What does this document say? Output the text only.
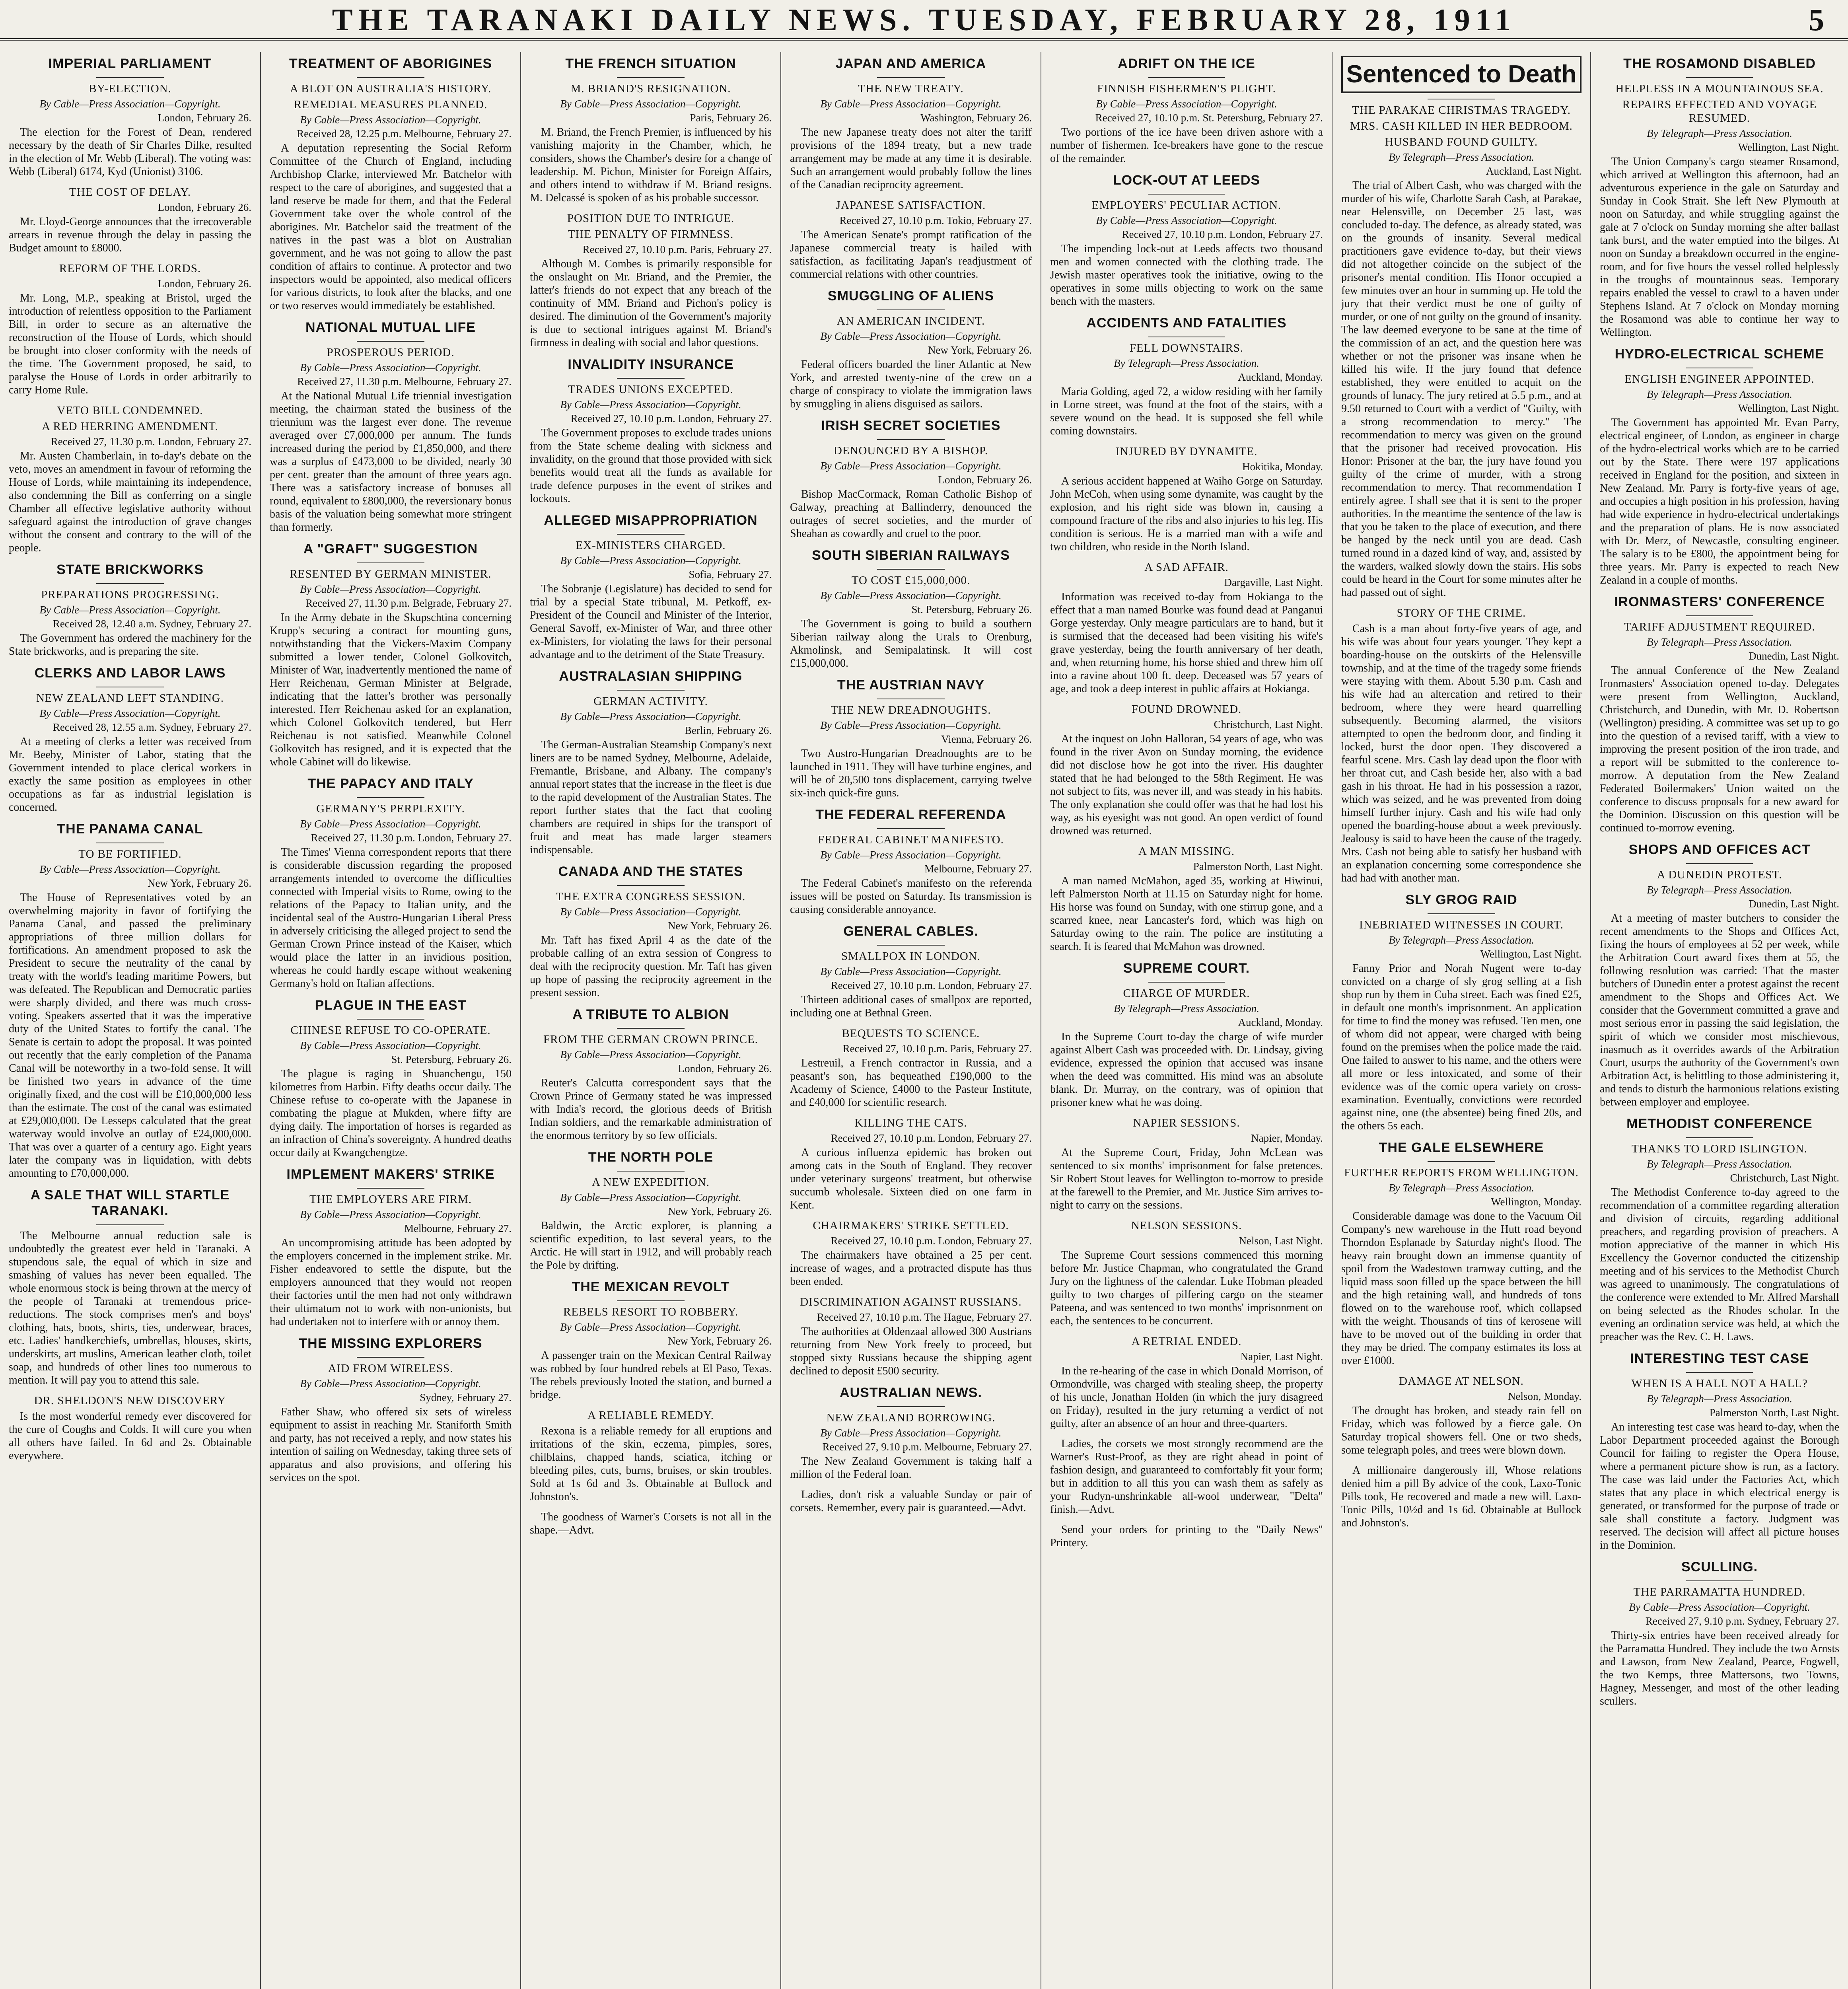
THE TARANAKI DAILY NEWS. TUESDAY, FEBRUARY 28, 1911	5
IMPERIAL PARLIAMENT
BY-ELECTION.
By Cable—Press Association—Copyright.
London, February 26.
The election for the Forest of Dean, rendered necessary by the death of Sir Charles Dilke, resulted in the election of Mr. Webb (Liberal). The voting was: Webb (Liberal) 6174, Kyd (Unionist) 3106.
THE COST OF DELAY.
London, February 26.
Mr. Lloyd-George announces that the irrecoverable arrears in revenue through the delay in passing the Budget amount to £8000.
REFORM OF THE LORDS.
London, February 26.
Mr. Long, M.P., speaking at Bristol, urged the introduction of relentless opposition to the Parliament Bill, in order to secure as an alternative the reconstruction of the House of Lords, which should be brought into closer conformity with the needs of the time. The Government proposed, he said, to paralyse the House of Lords in order arbitrarily to carry Home Rule.
VETO BILL CONDEMNED.
A RED HERRING AMENDMENT.
Received 27, 11.30 p.m. London, February 27.
Mr. Austen Chamberlain, in to-day's debate on the veto, moves an amendment in favour of reforming the House of Lords, while maintaining its independence, also condemning the Bill as conferring on a single Chamber all effective legislative authority without safeguard against the introduction of grave changes without the consent and contrary to the will of the people.
STATE BRICKWORKS
PREPARATIONS PROGRESSING.
By Cable—Press Association—Copyright.
Received 28, 12.40 a.m. Sydney, February 27.
The Government has ordered the machinery for the State brickworks, and is preparing the site.
CLERKS AND LABOR LAWS
NEW ZEALAND LEFT STANDING.
By Cable—Press Association—Copyright.
Received 28, 12.55 a.m. Sydney, February 27.
At a meeting of clerks a letter was received from Mr. Beeby, Minister of Labor, stating that the Government intended to place clerical workers in exactly the same position as employees in other occupations as far as industrial legislation is concerned.
THE PANAMA CANAL
TO BE FORTIFIED.
By Cable—Press Association—Copyright.
New York, February 26.
The House of Representatives voted by an overwhelming majority in favor of fortifying the Panama Canal, and passed the preliminary appropriations of three million dollars for fortifications. An amendment proposed to ask the President to secure the neutrality of the canal by treaty with the world's leading maritime Powers, but was defeated. The Republican and Democratic parties were sharply divided, and there was much cross-voting. Speakers asserted that it was the imperative duty of the United States to fortify the canal. The Senate is certain to adopt the proposal. It was pointed out recently that the early completion of the Panama Canal will be noteworthy in a two-fold sense. It will be finished two years in advance of the time originally fixed, and the cost will be £10,000,000 less than the estimate. The cost of the canal was estimated at £29,000,000. De Lesseps calculated that the great waterway would involve an outlay of £24,000,000. That was over a quarter of a century ago. Eight years later the company was in liquidation, with debts amounting to £70,000,000.
A SALE THAT WILL STARTLE TARANAKI.
The Melbourne annual reduction sale is undoubtedly the greatest ever held in Taranaki. A stupendous sale, the equal of which in size and smashing of values has never been equalled. The whole enormous stock is being thrown at the mercy of the people of Taranaki at tremendous price-reductions. The stock comprises men's and boys' clothing, hats, boots, shirts, ties, underwear, braces, etc. Ladies' handkerchiefs, umbrellas, blouses, skirts, underskirts, art muslins, American leather cloth, toilet soap, and hundreds of other lines too numerous to mention. It will pay you to attend this sale.
DR. SHELDON'S NEW DISCOVERY
Is the most wonderful remedy ever discovered for the cure of Coughs and Colds. It will cure you when all others have failed. In 6d and 2s. Obtainable everywhere.
TREATMENT OF ABORIGINES
A BLOT ON AUSTRALIA'S HISTORY.
REMEDIAL MEASURES PLANNED.
By Cable—Press Association—Copyright.
Received 28, 12.25 p.m. Melbourne, February 27.
A deputation representing the Social Reform Committee of the Church of England, including Archbishop Clarke, interviewed Mr. Batchelor with respect to the care of aborigines, and suggested that a land reserve be made for them, and that the Federal Government take over the whole control of the aborigines. Mr. Batchelor said the treatment of the natives in the past was a blot on Australian government, and he was not going to allow the past condition of affairs to continue. A protector and two inspectors would be appointed, also medical officers for various districts, to look after the blacks, and one or two reserves would immediately be established.
NATIONAL MUTUAL LIFE
PROSPEROUS PERIOD.
By Cable—Press Association—Copyright.
Received 27, 11.30 p.m. Melbourne, February 27.
At the National Mutual Life triennial investigation meeting, the chairman stated the business of the triennium was the largest ever done. The revenue averaged over £7,000,000 per annum. The funds increased during the period by £1,850,000, and there was a surplus of £473,000 to be divided, nearly 30 per cent. greater than the amount of three years ago. There was a satisfactory increase of bonuses all round, equivalent to £800,000, the reversionary bonus basis of the valuation being somewhat more stringent than formerly.
A "GRAFT" SUGGESTION
RESENTED BY GERMAN MINISTER.
By Cable—Press Association—Copyright.
Received 27, 11.30 p.m. Belgrade, February 27.
In the Army debate in the Skupschtina concerning Krupp's securing a contract for mounting guns, notwithstanding that the Vickers-Maxim Company submitted a lower tender, Colonel Golkovitch, Minister of War, inadvertently mentioned the name of Herr Reichenau, German Minister at Belgrade, indicating that the latter's brother was personally interested. Herr Reichenau asked for an explanation, which Colonel Golkovitch tendered, but Herr Reichenau is not satisfied. Meanwhile Colonel Golkovitch has resigned, and it is expected that the whole Cabinet will do likewise.
THE PAPACY AND ITALY
GERMANY'S PERPLEXITY.
By Cable—Press Association—Copyright.
Received 27, 11.30 p.m. London, February 27.
The Times' Vienna correspondent reports that there is considerable discussion regarding the proposed arrangements intended to overcome the difficulties connected with Imperial visits to Rome, owing to the relations of the Papacy to Italian unity, and the incidental seal of the Austro-Hungarian Liberal Press in adversely criticising the alleged project to send the German Crown Prince instead of the Kaiser, which would place the latter in an invidious position, whereas he could hardly escape without weakening Germany's hold on Italian affections.
PLAGUE IN THE EAST
CHINESE REFUSE TO CO-OPERATE.
By Cable—Press Association—Copyright.
St. Petersburg, February 26.
The plague is raging in Shuanchengu, 150 kilometres from Harbin. Fifty deaths occur daily. The Chinese refuse to co-operate with the Japanese in combating the plague at Mukden, where fifty are dying daily. The importation of horses is regarded as an infraction of China's sovereignty. A hundred deaths occur daily at Kwangchengtze.
IMPLEMENT MAKERS' STRIKE
THE EMPLOYERS ARE FIRM.
By Cable—Press Association—Copyright.
Melbourne, February 27.
An uncompromising attitude has been adopted by the employers concerned in the implement strike. Mr. Fisher endeavored to settle the dispute, but the employers announced that they would not reopen their factories until the men had not only withdrawn their ultimatum not to work with non-unionists, but had undertaken not to interfere with or annoy them.
THE MISSING EXPLORERS
AID FROM WIRELESS.
By Cable—Press Association—Copyright.
Sydney, February 27.
Father Shaw, who offered six sets of wireless equipment to assist in reaching Mr. Staniforth Smith and party, has not received a reply, and now states his intention of sailing on Wednesday, taking three sets of apparatus and also provisions, and offering his services on the spot.
THE FRENCH SITUATION
M. BRIAND'S RESIGNATION.
By Cable—Press Association—Copyright.
Paris, February 26.
M. Briand, the French Premier, is influenced by his vanishing majority in the Chamber, which, he considers, shows the Chamber's desire for a change of leadership. M. Pichon, Minister for Foreign Affairs, and others intend to withdraw if M. Briand resigns. M. Delcassé is spoken of as his probable successor.
POSITION DUE TO INTRIGUE.
THE PENALTY OF FIRMNESS.
Received 27, 10.10 p.m. Paris, February 27.
Although M. Combes is primarily responsible for the onslaught on Mr. Briand, and the Premier, the latter's friends do not expect that any breach of the continuity of MM. Briand and Pichon's policy is desired. The diminution of the Government's majority is due to sectional intrigues against M. Briand's firmness in dealing with social and labor questions.
INVALIDITY INSURANCE
TRADES UNIONS EXCEPTED.
By Cable—Press Association—Copyright.
Received 27, 10.10 p.m. London, February 27.
The Government proposes to exclude trades unions from the State scheme dealing with sickness and invalidity, on the ground that those provided with sick benefits would treat all the funds as available for trade defence purposes in the event of strikes and lockouts.
ALLEGED MISAPPROPRIATION
EX-MINISTERS CHARGED.
By Cable—Press Association—Copyright.
Sofia, February 27.
The Sobranje (Legislature) has decided to send for trial by a special State tribunal, M. Petkoff, ex-President of the Council and Minister of the Interior, General Savoff, ex-Minister of War, and three other ex-Ministers, for violating the laws for their personal advantage and to the detriment of the State Treasury.
AUSTRALASIAN SHIPPING
GERMAN ACTIVITY.
By Cable—Press Association—Copyright.
Berlin, February 26.
The German-Australian Steamship Company's next liners are to be named Sydney, Melbourne, Adelaide, Fremantle, Brisbane, and Albany. The company's annual report states that the increase in the fleet is due to the rapid development of the Australian States. The report further states that the fact that cooling chambers are required in ships for the transport of fruit and meat has made larger steamers indispensable.
CANADA AND THE STATES
THE EXTRA CONGRESS SESSION.
By Cable—Press Association—Copyright.
New York, February 26.
Mr. Taft has fixed April 4 as the date of the probable calling of an extra session of Congress to deal with the reciprocity question. Mr. Taft has given up hope of passing the reciprocity agreement in the present session.
A TRIBUTE TO ALBION
FROM THE GERMAN CROWN PRINCE.
By Cable—Press Association—Copyright.
London, February 26.
Reuter's Calcutta correspondent says that the Crown Prince of Germany stated he was impressed with India's record, the glorious deeds of British Indian soldiers, and the remarkable administration of the enormous territory by so few officials.
THE NORTH POLE
A NEW EXPEDITION.
By Cable—Press Association—Copyright.
New York, February 26.
Baldwin, the Arctic explorer, is planning a scientific expedition, to last several years, to the Arctic. He will start in 1912, and will probably reach the Pole by drifting.
THE MEXICAN REVOLT
REBELS RESORT TO ROBBERY.
By Cable—Press Association—Copyright.
New York, February 26.
A passenger train on the Mexican Central Railway was robbed by four hundred rebels at El Paso, Texas. The rebels previously looted the station, and burned a bridge.
A RELIABLE REMEDY.
Rexona is a reliable remedy for all eruptions and irritations of the skin, eczema, pimples, sores, chilblains, chapped hands, sciatica, itching or bleeding piles, cuts, burns, bruises, or skin troubles. Sold at 1s 6d and 3s. Obtainable at Bullock and Johnston's.
The goodness of Warner's Corsets is not all in the shape.—Advt.
JAPAN AND AMERICA
THE NEW TREATY.
By Cable—Press Association—Copyright.
Washington, February 26.
The new Japanese treaty does not alter the tariff provisions of the 1894 treaty, but a new trade arrangement may be made at any time it is desirable. Such an arrangement would probably follow the lines of the Canadian reciprocity agreement.
JAPANESE SATISFACTION.
Received 27, 10.10 p.m. Tokio, February 27.
The American Senate's prompt ratification of the Japanese commercial treaty is hailed with satisfaction, as facilitating Japan's readjustment of commercial relations with other countries.
SMUGGLING OF ALIENS
AN AMERICAN INCIDENT.
By Cable—Press Association—Copyright.
New York, February 26.
Federal officers boarded the liner Atlantic at New York, and arrested twenty-nine of the crew on a charge of conspiracy to violate the immigration laws by smuggling in aliens disguised as sailors.
IRISH SECRET SOCIETIES
DENOUNCED BY A BISHOP.
By Cable—Press Association—Copyright.
London, February 26.
Bishop MacCormack, Roman Catholic Bishop of Galway, preaching at Ballinderry, denounced the outrages of secret societies, and the murder of Sheahan as cowardly and cruel to the poor.
SOUTH SIBERIAN RAILWAYS
TO COST £15,000,000.
By Cable—Press Association—Copyright.
St. Petersburg, February 26.
The Government is going to build a southern Siberian railway along the Urals to Orenburg, Akmolinsk, and Semipalatinsk. It will cost £15,000,000.
THE AUSTRIAN NAVY
THE NEW DREADNOUGHTS.
By Cable—Press Association—Copyright.
Vienna, February 26.
Two Austro-Hungarian Dreadnoughts are to be launched in 1911. They will have turbine engines, and will be of 20,500 tons displacement, carrying twelve six-inch quick-fire guns.
THE FEDERAL REFERENDA
FEDERAL CABINET MANIFESTO.
By Cable—Press Association—Copyright.
Melbourne, February 27.
The Federal Cabinet's manifesto on the referenda issues will be posted on Saturday. Its transmission is causing considerable annoyance.
GENERAL CABLES.
SMALLPOX IN LONDON.
By Cable—Press Association—Copyright.
Received 27, 10.10 p.m. London, February 27.
Thirteen additional cases of smallpox are reported, including one at Bethnal Green.
BEQUESTS TO SCIENCE.
Received 27, 10.10 p.m. Paris, February 27.
Lestreuil, a French contractor in Russia, and a peasant's son, has bequeathed £190,000 to the Academy of Science, £4000 to the Pasteur Institute, and £40,000 for scientific research.
KILLING THE CATS.
Received 27, 10.10 p.m. London, February 27.
A curious influenza epidemic has broken out among cats in the South of England. They recover under veterinary surgeons' treatment, but otherwise succumb wholesale. Sixteen died on one farm in Kent.
CHAIRMAKERS' STRIKE SETTLED.
Received 27, 10.10 p.m. London, February 27.
The chairmakers have obtained a 25 per cent. increase of wages, and a protracted dispute has thus been ended.
DISCRIMINATION AGAINST RUSSIANS.
Received 27, 10.10 p.m. The Hague, February 27.
The authorities at Oldenzaal allowed 300 Austrians returning from New York freely to proceed, but stopped sixty Russians because the shipping agent declined to deposit £500 security.
AUSTRALIAN NEWS.
NEW ZEALAND BORROWING.
By Cable—Press Association—Copyright.
Received 27, 9.10 p.m. Melbourne, February 27.
The New Zealand Government is taking half a million of the Federal loan.
Ladies, don't risk a valuable Sunday or pair of corsets. Remember, every pair is guaranteed.—Advt.
ADRIFT ON THE ICE
FINNISH FISHERMEN'S PLIGHT.
By Cable—Press Association—Copyright.
Received 27, 10.10 p.m. St. Petersburg, February 27.
Two portions of the ice have been driven ashore with a number of fishermen. Ice-breakers have gone to the rescue of the remainder.
LOCK-OUT AT LEEDS
EMPLOYERS' PECULIAR ACTION.
By Cable—Press Association—Copyright.
Received 27, 10.10 p.m. London, February 27.
The impending lock-out at Leeds affects two thousand men and women connected with the clothing trade. The Jewish master operatives took the initiative, owing to the operatives in some mills objecting to work on the same bench with the masters.
ACCIDENTS AND FATALITIES
FELL DOWNSTAIRS.
By Telegraph—Press Association.
Auckland, Monday.
Maria Golding, aged 72, a widow residing with her family in Lorne street, was found at the foot of the stairs, with a severe wound on the head. It is supposed she fell while coming downstairs.
INJURED BY DYNAMITE.
Hokitika, Monday.
A serious accident happened at Waiho Gorge on Saturday. John McCoh, when using some dynamite, was caught by the explosion, and his right side was blown in, causing a compound fracture of the ribs and also injuries to his leg. His condition is serious. He is a married man with a wife and two children, who reside in the North Island.
A SAD AFFAIR.
Dargaville, Last Night.
Information was received to-day from Hokianga to the effect that a man named Bourke was found dead at Panganui Gorge yesterday. Only meagre particulars are to hand, but it is surmised that the deceased had been visiting his wife's grave yesterday, being the fourth anniversary of her death, and, when returning home, his horse shied and threw him off into a ravine about 100 ft. deep. Deceased was 57 years of age, and took a deep interest in public affairs at Hokianga.
FOUND DROWNED.
Christchurch, Last Night.
At the inquest on John Halloran, 54 years of age, who was found in the river Avon on Sunday morning, the evidence did not disclose how he got into the river. His daughter stated that he had belonged to the 58th Regiment. He was not subject to fits, was never ill, and was steady in his habits. The only explanation she could offer was that he had lost his way, as his eyesight was not good. An open verdict of found drowned was returned.
A MAN MISSING.
Palmerston North, Last Night.
A man named McMahon, aged 35, working at Hiwinui, left Palmerston North at 11.15 on Saturday night for home. His horse was found on Sunday, with one stirrup gone, and a scarred knee, near Lancaster's ford, which was high on Saturday owing to the rain. The police are instituting a search. It is feared that McMahon was drowned.
SUPREME COURT.
CHARGE OF MURDER.
By Telegraph—Press Association.
Auckland, Monday.
In the Supreme Court to-day the charge of wife murder against Albert Cash was proceeded with. Dr. Lindsay, giving evidence, expressed the opinion that accused was insane when the deed was committed. His mind was an absolute blank. Dr. Murray, on the contrary, was of opinion that prisoner knew what he was doing.
NAPIER SESSIONS.
Napier, Monday.
At the Supreme Court, Friday, John McLean was sentenced to six months' imprisonment for false pretences. Sir Robert Stout leaves for Wellington to-morrow to preside at the farewell to the Premier, and Mr. Justice Sim arrives to-night to carry on the sessions.
NELSON SESSIONS.
Nelson, Last Night.
The Supreme Court sessions commenced this morning before Mr. Justice Chapman, who congratulated the Grand Jury on the lightness of the calendar. Luke Hobman pleaded guilty to two charges of pilfering cargo on the steamer Pateena, and was sentenced to two months' imprisonment on each, the sentences to be concurrent.
A RETRIAL ENDED.
Napier, Last Night.
In the re-hearing of the case in which Donald Morrison, of Ormondville, was charged with stealing sheep, the property of his uncle, Jonathan Holden (in which the jury disagreed on Friday), resulted in the jury returning a verdict of not guilty, after an absence of an hour and three-quarters.
Ladies, the corsets we most strongly recommend are the Warner's Rust-Proof, as they are right ahead in point of fashion design, and guaranteed to comfortably fit your form; but in addition to all this you can wash them as safely as your Rudyn-unshrinkable all-wool underwear, "Delta" finish.—Advt.
Send your orders for printing to the "Daily News" Printery.
Sentenced to Death
THE PARAKAE CHRISTMAS TRAGEDY.
MRS. CASH KILLED IN HER BEDROOM.
HUSBAND FOUND GUILTY.
By Telegraph—Press Association.
Auckland, Last Night.
The trial of Albert Cash, who was charged with the murder of his wife, Charlotte Sarah Cash, at Parakae, near Helensville, on December 25 last, was concluded to-day. The defence, as already stated, was on the grounds of insanity. Several medical practitioners gave evidence to-day, but their views did not altogether coincide on the subject of the prisoner's mental condition. His Honor occupied a few minutes over an hour in summing up. He told the jury that their verdict must be one of guilty of murder, or one of not guilty on the ground of insanity. The law deemed everyone to be sane at the time of the commission of an act, and the question here was whether or not the prisoner was insane when he killed his wife. If the jury found that defence established, they were entitled to acquit on the grounds of lunacy. The jury retired at 5.5 p.m., and at 9.50 returned to Court with a verdict of "Guilty, with a strong recommendation to mercy." The recommendation to mercy was given on the ground that the prisoner had received provocation. His Honor: Prisoner at the bar, the jury have found you guilty of the crime of murder, with a strong recommendation to mercy. That recommendation I entirely agree. I shall see that it is sent to the proper authorities. In the meantime the sentence of the law is that you be taken to the place of execution, and there be hanged by the neck until you are dead. Cash turned round in a dazed kind of way, and, assisted by the warders, walked slowly down the stairs. His sobs could be heard in the Court for some minutes after he had passed out of sight.
STORY OF THE CRIME.
Cash is a man about forty-five years of age, and his wife was about four years younger. They kept a boarding-house on the outskirts of the Helensville township, and at the time of the tragedy some friends were staying with them. About 5.30 p.m. Cash and his wife had an altercation and retired to their bedroom, where they were heard quarrelling subsequently. Becoming alarmed, the visitors attempted to open the bedroom door, and finding it locked, burst the door open. They discovered a fearful scene. Mrs. Cash lay dead upon the floor with her throat cut, and Cash beside her, also with a bad gash in his throat. He had in his possession a razor, which was seized, and he was prevented from doing himself further injury. Cash and his wife had only opened the boarding-house about a week previously. Jealousy is said to have been the cause of the tragedy. Mrs. Cash not being able to satisfy her husband with an explanation concerning some correspondence she had had with another man.
SLY GROG RAID
INEBRIATED WITNESSES IN COURT.
By Telegraph—Press Association.
Wellington, Last Night.
Fanny Prior and Norah Nugent were to-day convicted on a charge of sly grog selling at a fish shop run by them in Cuba street. Each was fined £25, in default one month's imprisonment. An application for time to find the money was refused. Ten men, one of whom did not appear, were charged with being found on the premises when the police made the raid. One failed to answer to his name, and the others were all more or less intoxicated, and some of their evidence was of the comic opera variety on cross-examination. Eventually, convictions were recorded against nine, one (the absentee) being fined 20s, and the others 5s each.
THE GALE ELSEWHERE
FURTHER REPORTS FROM WELLINGTON.
By Telegraph—Press Association.
Wellington, Monday.
Considerable damage was done to the Vacuum Oil Company's new warehouse in the Hutt road beyond Thorndon Esplanade by Saturday night's flood. The heavy rain brought down an immense quantity of spoil from the Wadestown tramway cutting, and the liquid mass soon filled up the space between the hill and the high retaining wall, and hundreds of tons flowed on to the warehouse roof, which collapsed with the weight. Thousands of tins of kerosene will have to be moved out of the building in order that they may be dried. The company estimates its loss at over £1000.
DAMAGE AT NELSON.
Nelson, Monday.
The drought has broken, and steady rain fell on Friday, which was followed by a fierce gale. On Saturday tropical showers fell. One or two sheds, some telegraph poles, and trees were blown down.
A millionaire dangerously ill, Whose relations denied him a pill By advice of the cook, Laxo-Tonic Pills took, He recovered and made a new will. Laxo-Tonic Pills, 10½d and 1s 6d. Obtainable at Bullock and Johnston's.
THE ROSAMOND DISABLED
HELPLESS IN A MOUNTAINOUS SEA.
REPAIRS EFFECTED AND VOYAGE RESUMED.
By Telegraph—Press Association.
Wellington, Last Night.
The Union Company's cargo steamer Rosamond, which arrived at Wellington this afternoon, had an adventurous experience in the gale on Saturday and Sunday in Cook Strait. She left New Plymouth at noon on Saturday, and while struggling against the gale at 7 o'clock on Sunday morning she after ballast tank burst, and the water emptied into the bilges. At noon on Sunday a breakdown occurred in the engine-room, and for five hours the vessel rolled helplessly in the troughs of mountainous seas. Temporary repairs enabled the vessel to crawl to a haven under Stephens Island. At 7 o'clock on Monday morning the Rosamond was able to continue her way to Wellington.
HYDRO-ELECTRICAL SCHEME
ENGLISH ENGINEER APPOINTED.
By Telegraph—Press Association.
Wellington, Last Night.
The Government has appointed Mr. Evan Parry, electrical engineer, of London, as engineer in charge of the hydro-electrical works which are to be carried out by the State. There were 197 applications received in England for the position, and sixteen in New Zealand. Mr. Parry is forty-five years of age, and occupies a high position in his profession, having had wide experience in hydro-electrical undertakings and the preparation of plans. He is now associated with Dr. Merz, of Newcastle, consulting engineer. The salary is to be £800, the appointment being for three years. Mr. Parry is expected to reach New Zealand in a couple of months.
IRONMASTERS' CONFERENCE
TARIFF ADJUSTMENT REQUIRED.
By Telegraph—Press Association.
Dunedin, Last Night.
The annual Conference of the New Zealand Ironmasters' Association opened to-day. Delegates were present from Wellington, Auckland, Christchurch, and Dunedin, with Mr. D. Robertson (Wellington) presiding. A committee was set up to go into the question of a revised tariff, with a view to improving the present position of the iron trade, and a report will be submitted to the conference to-morrow. A deputation from the New Zealand Federated Boilermakers' Union waited on the conference to discuss proposals for a new award for the Dominion. Discussion on this question will be continued to-morrow evening.
SHOPS AND OFFICES ACT
A DUNEDIN PROTEST.
By Telegraph—Press Association.
Dunedin, Last Night.
At a meeting of master butchers to consider the recent amendments to the Shops and Offices Act, fixing the hours of employees at 52 per week, while the Arbitration Court award fixes them at 55, the following resolution was carried: That the master butchers of Dunedin enter a protest against the recent amendment to the Shops and Offices Act. We consider that the Government committed a grave and most serious error in passing the said legislation, the spirit of which we consider most mischievous, inasmuch as it overrides awards of the Arbitration Court, usurps the authority of the Government's own Arbitration Act, is belittling to those administering it, and tends to disturb the harmonious relations existing between employer and employee.
METHODIST CONFERENCE
THANKS TO LORD ISLINGTON.
By Telegraph—Press Association.
Christchurch, Last Night.
The Methodist Conference to-day agreed to the recommendation of a committee regarding alteration and division of circuits, regarding additional preachers, and regarding provision of preachers. A motion appreciative of the manner in which His Excellency the Governor conducted the citizenship meeting and of his services to the Methodist Church was agreed to unanimously. The congratulations of the conference were extended to Mr. Alfred Marshall on being selected as the Rhodes scholar. In the evening an ordination service was held, at which the preacher was the Rev. C. H. Laws.
INTERESTING TEST CASE
WHEN IS A HALL NOT A HALL?
By Telegraph—Press Association.
Palmerston North, Last Night.
An interesting test case was heard to-day, when the Labor Department proceeded against the Borough Council for failing to register the Opera House, where a permanent picture show is run, as a factory. The case was laid under the Factories Act, which states that any place in which electrical energy is generated, or transformed for the purpose of trade or sale shall constitute a factory. Judgment was reserved. The decision will affect all picture houses in the Dominion.
SCULLING.
THE PARRAMATTA HUNDRED.
By Cable—Press Association—Copyright.
Received 27, 9.10 p.m. Sydney, February 27.
Thirty-six entries have been received already for the Parramatta Hundred. They include the two Arnsts and Lawson, from New Zealand, Pearce, Fogwell, the two Kemps, three Mattersons, two Towns, Hagney, Messenger, and most of the other leading scullers.
